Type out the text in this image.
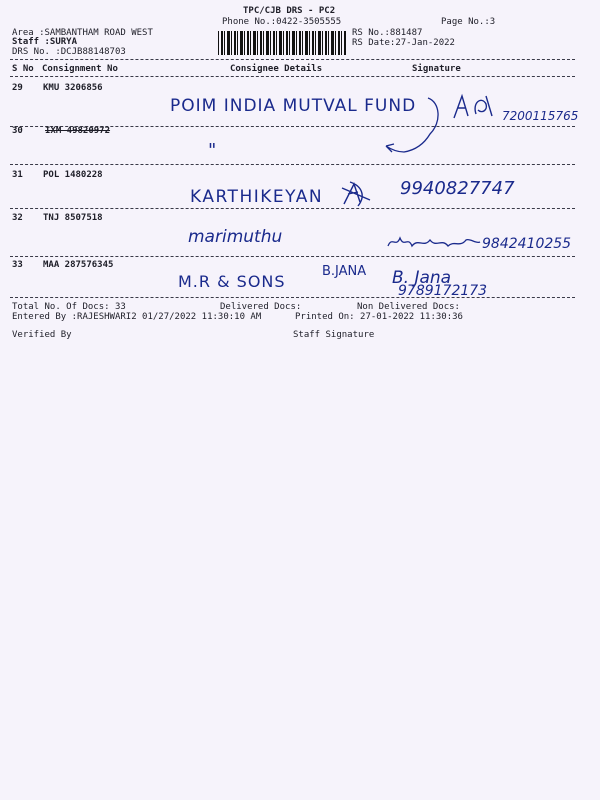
TPC/CJB DRS - PC2
Phone No.:0422-3505555	Page No.:3
Area :SAMBANTHAM ROAD WEST
Staff :SURYA
DRS No. :DCJB88148703
RS No.:881487
RS Date:27-Jan-2022
S No Consignment No	Consignee Details	Signature
29 KMU 3206856
POIM INDIA MUTVAL FUND	7200115765
30 IXM 49820972
"
31 POL 1480228
KARTHIKEYAN	9940827747
32 TNJ 8507518
marimuthu	9842410255
33 MAA 287576345
M.R & SONS
B.JANA B. Jana
9789172173
Total No. Of Docs: 33	Delivered Docs:	Non Delivered Docs:
Entered By :RAJESHWARI2 01/27/2022 11:30:10 AM	Printed On: 27-01-2022 11:30:36
Verified By	Staff Signature
